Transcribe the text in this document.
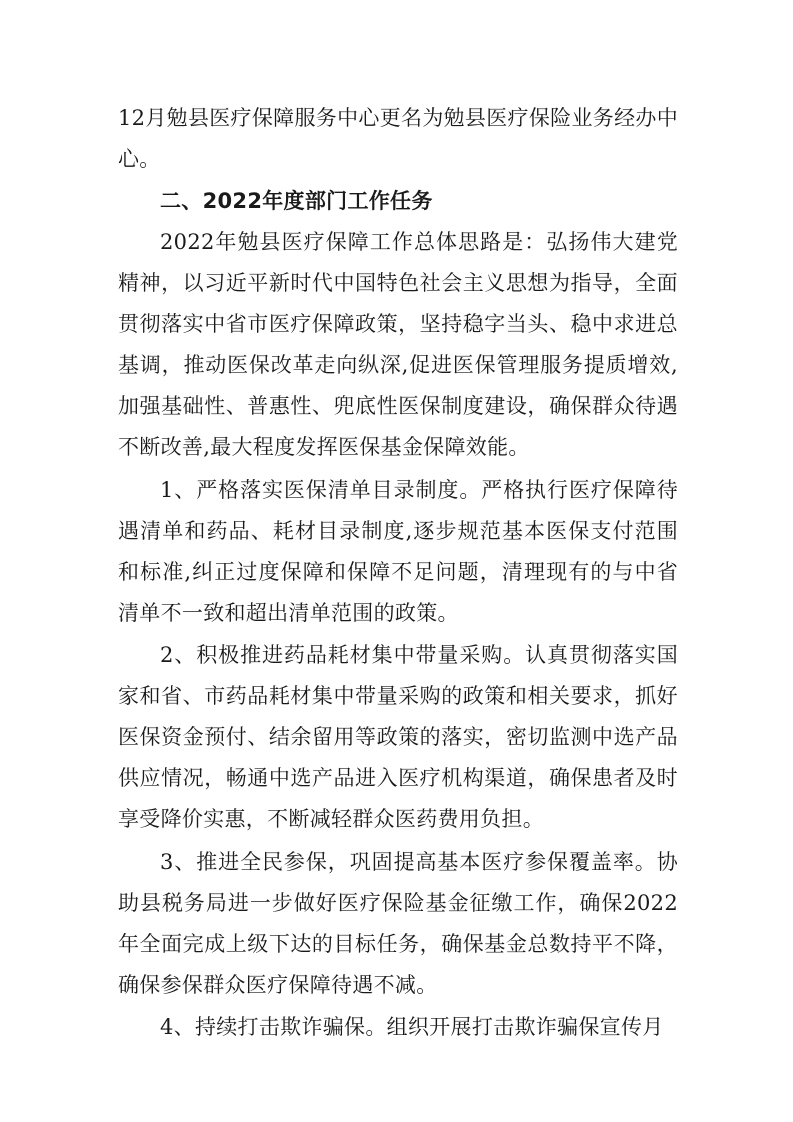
12月勉县医疗保障服务中心更名为勉县医疗保险业务经办中心。

二、2022年度部门工作任务

2022年勉县医疗保障工作总体思路是：弘扬伟大建党精神，以习近平新时代中国特色社会主义思想为指导，全面贯彻落实中省市医疗保障政策，坚持稳字当头、稳中求进总基调，推动医保改革走向纵深,促进医保管理服务提质增效,加强基础性、普惠性、兜底性医保制度建设，确保群众待遇不断改善,最大程度发挥医保基金保障效能。

1、严格落实医保清单目录制度。严格执行医疗保障待遇清单和药品、耗材目录制度,逐步规范基本医保支付范围和标准,纠正过度保障和保障不足问题，清理现有的与中省清单不一致和超出清单范围的政策。

2、积极推进药品耗材集中带量采购。认真贯彻落实国家和省、市药品耗材集中带量采购的政策和相关要求，抓好医保资金预付、结余留用等政策的落实，密切监测中选产品供应情况，畅通中选产品进入医疗机构渠道，确保患者及时享受降价实惠，不断减轻群众医药费用负担。

3、推进全民参保，巩固提高基本医疗参保覆盖率。协助县税务局进一步做好医疗保险基金征缴工作，确保2022年全面完成上级下达的目标任务，确保基金总数持平不降，确保参保群众医疗保障待遇不减。

4、持续打击欺诈骗保。组织开展打击欺诈骗保宣传月
